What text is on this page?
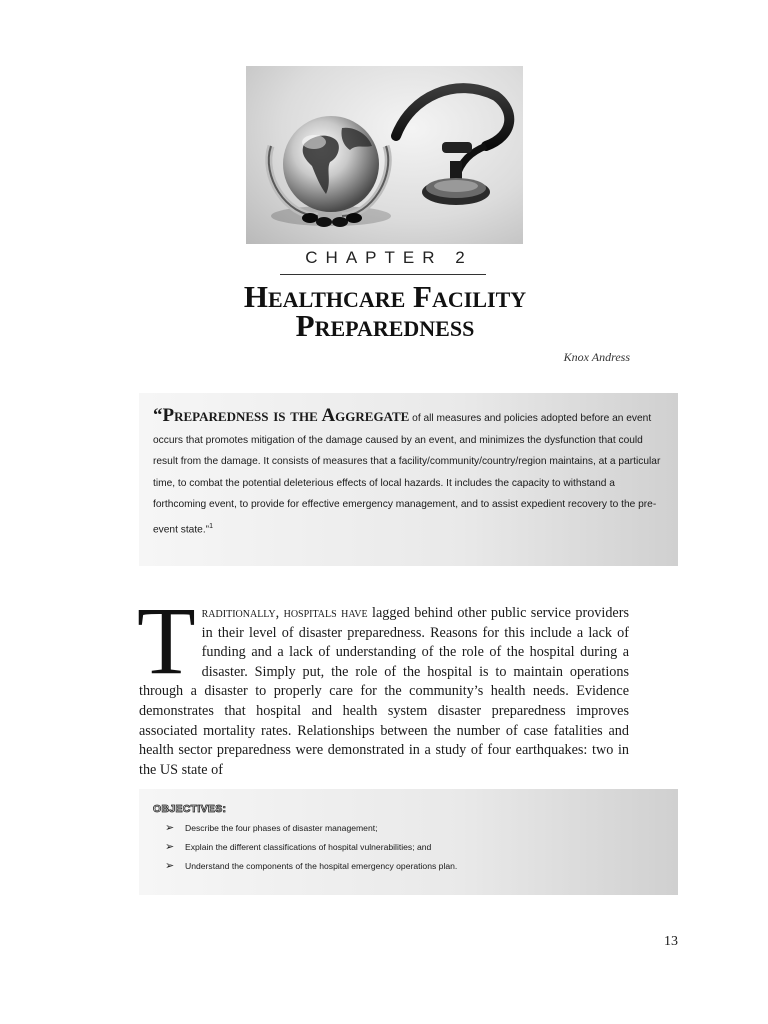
CHAPTER 2
Healthcare Facility
Preparedness
Knox Andress
“Preparedness is the Aggregate of all measures and policies adopted before an event occurs that promotes mitigation of the damage caused by an event, and minimizes the dysfunction that could result from the damage. It consists of measures that a facility/community/country/region maintains, at a particular time, to combat the potential deleterious effects of local hazards. It includes the capacity to withstand a forthcoming event, to provide for effective emergency management, and to assist expedient recovery to the pre-event state.”$^1$
Traditionally, hospitals have lagged behind other public service providers in their level of disaster preparedness. Reasons for this include a lack of funding and a lack of understanding of the role of the hospital during a disaster. Simply put, the role of the hospital is to maintain operations through a disaster to properly care for the community’s health needs. Evidence demonstrates that hospital and health system disaster preparedness improves associated mortality rates. Relationships between the number of case fatalities and health sector preparedness were demonstrated in a study of four earthquakes: two in the US state of
OBJECTIVES:
➢	Describe the four phases of disaster management;
➢	Explain the different classifications of hospital vulnerabilities; and
➢	Understand the components of the hospital emergency operations plan.
13
